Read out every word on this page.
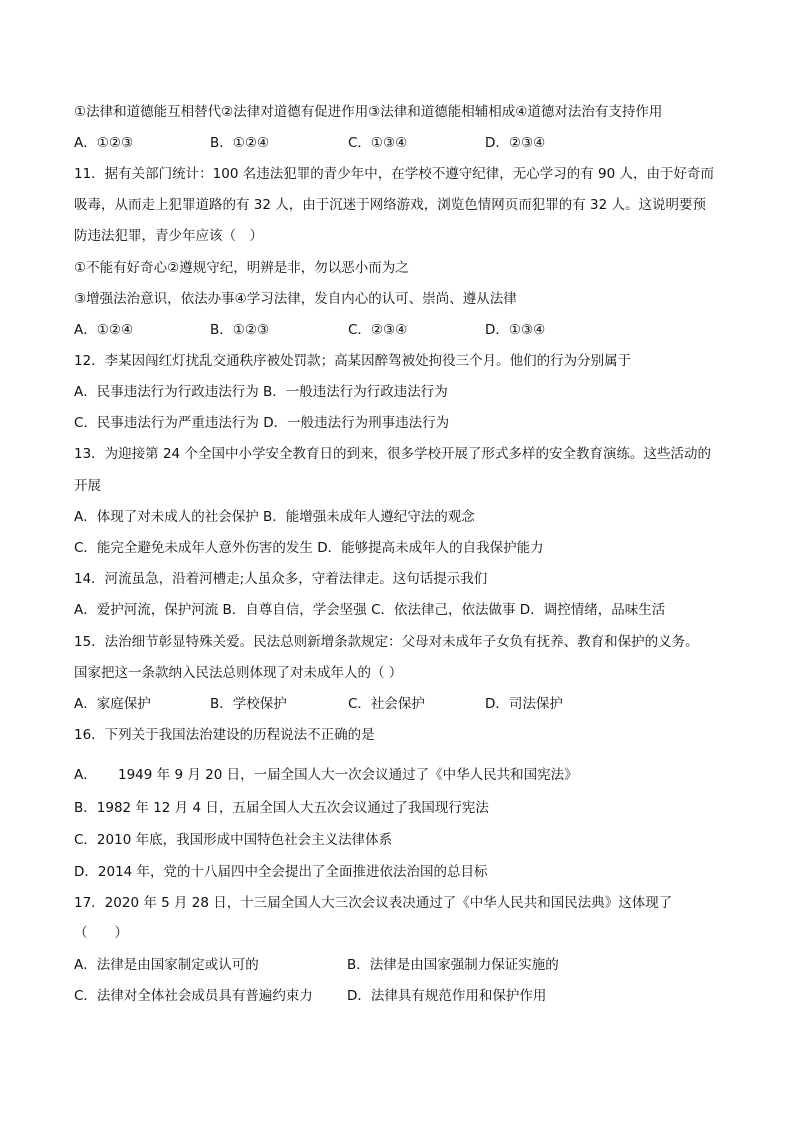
①法律和道德能互相替代②法律对道德有促进作用③法律和道德能相辅相成④道德对法治有支持作用
A．①②③	B．①②④	C．①③④	D．②③④
11．据有关部门统计：100 名违法犯罪的青少年中，在学校不遵守纪律，无心学习的有 90 人，由于好奇而
吸毒，从而走上犯罪道路的有 32 人，由于沉迷于网络游戏，浏览色情网页而犯罪的有 32 人。这说明要预
防违法犯罪，青少年应该（　）
①不能有好奇心②遵规守纪，明辨是非，勿以恶小而为之
③增强法治意识，依法办事④学习法律，发自内心的认可、崇尚、遵从法律
A．①②④	B．①②③	C．②③④	D．①③④
12．李某因闯红灯扰乱交通秩序被处罚款；高某因醉驾被处拘役三个月。他们的行为分别属于
A．民事违法行为行政违法行为 B．一般违法行为行政违法行为
C．民事违法行为严重违法行为 D．一般违法行为刑事违法行为
13．为迎接第 24 个全国中小学安全教育日的到来，很多学校开展了形式多样的安全教育演练。这些活动的
开展
A．体现了对未成人的社会保护 B．能增强未成年人遵纪守法的观念
C．能完全避免未成年人意外伤害的发生 D．能够提高未成年人的自我保护能力
14．河流虽急，沿着河槽走;人虽众多，守着法律走。这句话提示我们
A．爱护河流，保护河流 B．自尊自信，学会坚强 C．依法律己，依法做事 D．调控情绪，品味生活
15．法治细节彰显特殊关爱。民法总则新增条款规定：父母对未成年子女负有抚养、教育和保护的义务。
国家把这一条款纳入民法总则体现了对未成年人的（ ）
A．家庭保护	B．学校保护	C．社会保护	D．司法保护
16．下列关于我国法治建设的历程说法不正确的是
A． 1949 年 9 月 20 日，一届全国人大一次会议通过了《中华人民共和国宪法》
B．1982 年 12 月 4 日，五届全国人大五次会议通过了我国现行宪法
C．2010 年底，我国形成中国特色社会主义法律体系
D．2014 年，党的十八届四中全会提出了全面推进依法治国的总目标
17．2020 年 5 月 28 日，十三届全国人大三次会议表决通过了《中华人民共和国民法典》这体现了
（　　）
A．法律是由国家制定或认可的	B．法律是由国家强制力保证实施的
C．法律对全体社会成员具有普遍约束力	D．法律具有规范作用和保护作用
